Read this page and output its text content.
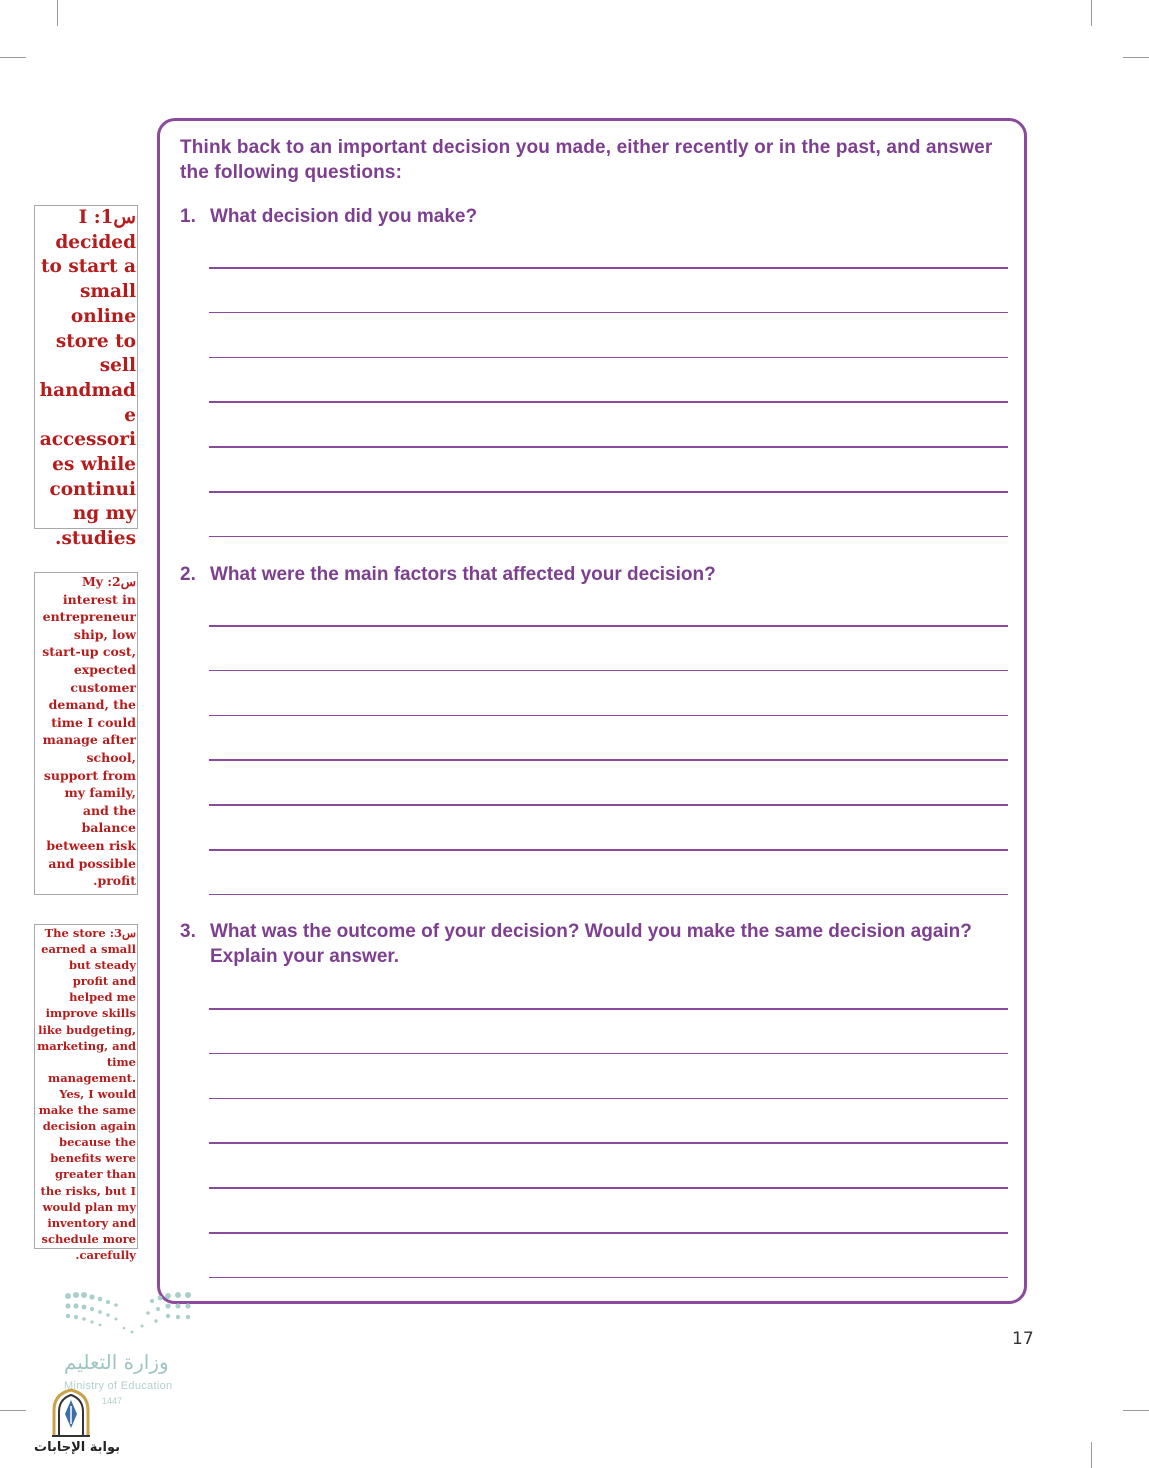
Think back to an important decision you made, either recently or in the past, and answer the following questions:
1. What decision did you make?
2. What were the main factors that affected your decision?
3. What was the outcome of your decision? Would you make the same decision again? Explain your answer.
س1: I decided to start a small online store to sell handmade accessories while continuing my studies.
س2: My interest in entrepreneurship, low start-up cost, expected customer demand, the time I could manage after school, support from my family, and the balance between risk and possible profit.
س3: The store earned a small but steady profit and helped me improve skills like budgeting, marketing, and time management. Yes, I would make the same decision again because the benefits were greater than the risks, but I would plan my inventory and schedule more carefully.
17
وزارة التعليم
Ministry of Education
1447
بوابة الإجابات
